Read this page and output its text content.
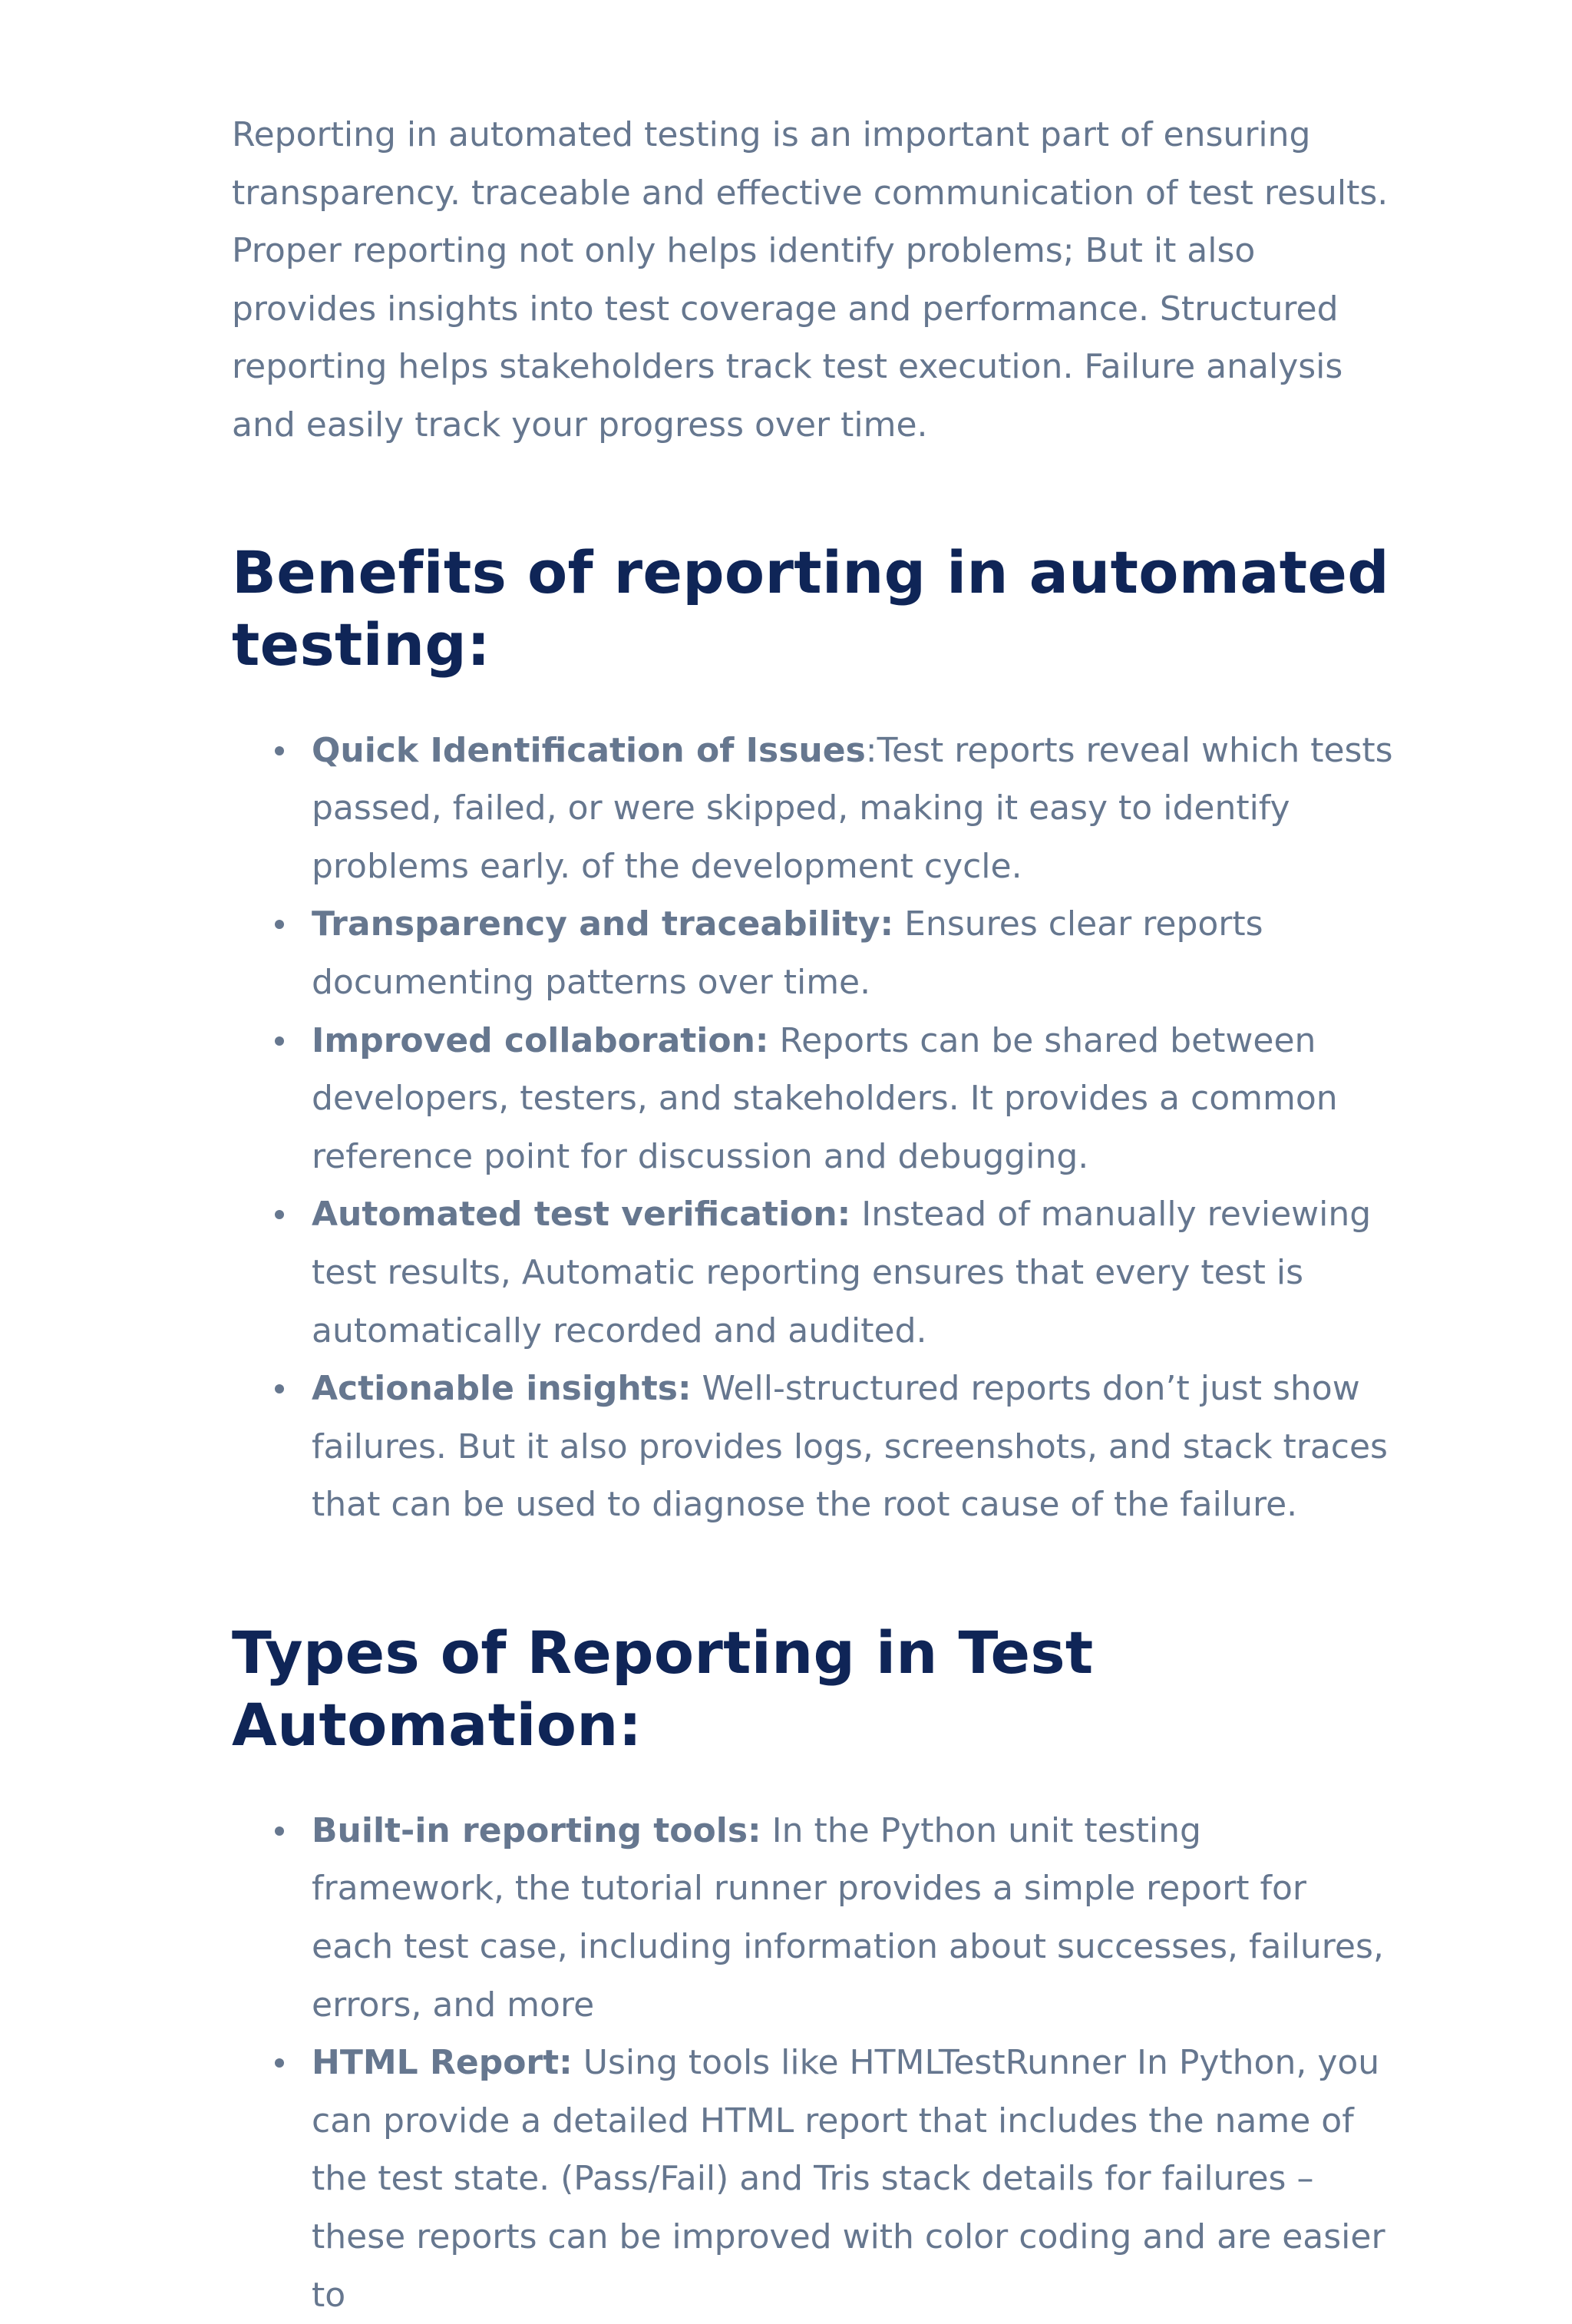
Reporting in automated testing is an important part of ensuring transparency. traceable and effective communication of test results. Proper reporting not only helps identify problems; But it also provides insights into test coverage and performance. Structured reporting helps stakeholders track test execution. Failure analysis and easily track your progress over time.

Benefits of reporting in automated testing:
Quick Identification of Issues:Test reports reveal which tests passed, failed, or were skipped, making it easy to identify problems early. of the development cycle.
Transparency and traceability: Ensures clear reports documenting patterns over time.
Improved collaboration: Reports can be shared between developers, testers, and stakeholders. It provides a common reference point for discussion and debugging.
Automated test verification: Instead of manually reviewing test results, Automatic reporting ensures that every test is automatically recorded and audited.
Actionable insights: Well-structured reports don’t just show failures. But it also provides logs, screenshots, and stack traces that can be used to diagnose the root cause of the failure.
Types of Reporting in Test Automation:
Built-in reporting tools: In the Python unit testing framework, the tutorial runner provides a simple report for each test case, including information about successes, failures, errors, and more
HTML Report: Using tools like HTMLTestRunner In Python, you can provide a detailed HTML report that includes the name of the test state. (Pass/Fail) and Tris stack details for failures – these reports can be improved with color coding and are easier to
